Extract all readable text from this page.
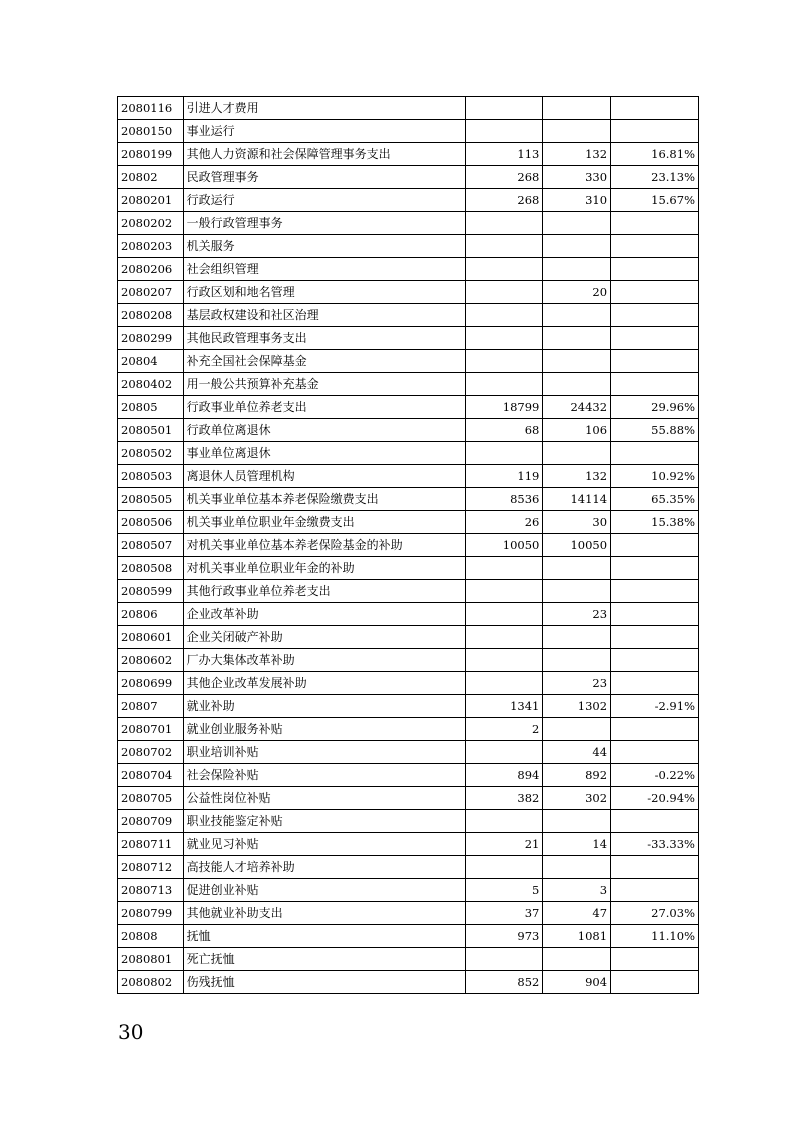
2080116	引进人才费用			
2080150	事业运行			
2080199	其他人力资源和社会保障管理事务支出	113	132	16.81%
20802	民政管理事务	268	330	23.13%
2080201	行政运行	268	310	15.67%
2080202	一般行政管理事务			
2080203	机关服务			
2080206	社会组织管理			
2080207	行政区划和地名管理		20	
2080208	基层政权建设和社区治理			
2080299	其他民政管理事务支出			
20804	补充全国社会保障基金			
2080402	用一般公共预算补充基金			
20805	行政事业单位养老支出	18799	24432	29.96%
2080501	行政单位离退休	68	106	55.88%
2080502	事业单位离退休			
2080503	离退休人员管理机构	119	132	10.92%
2080505	机关事业单位基本养老保险缴费支出	8536	14114	65.35%
2080506	机关事业单位职业年金缴费支出	26	30	15.38%
2080507	对机关事业单位基本养老保险基金的补助	10050	10050	
2080508	对机关事业单位职业年金的补助			
2080599	其他行政事业单位养老支出			
20806	企业改革补助		23	
2080601	企业关闭破产补助			
2080602	厂办大集体改革补助			
2080699	其他企业改革发展补助		23	
20807	就业补助	1341	1302	-2.91%
2080701	就业创业服务补贴	2		
2080702	职业培训补贴		44	
2080704	社会保险补贴	894	892	-0.22%
2080705	公益性岗位补贴	382	302	-20.94%
2080709	职业技能鉴定补贴			
2080711	就业见习补贴	21	14	-33.33%
2080712	高技能人才培养补助			
2080713	促进创业补贴	5	3	
2080799	其他就业补助支出	37	47	27.03%
20808	抚恤	973	1081	11.10%
2080801	死亡抚恤			
2080802	伤残抚恤	852	904	
30
